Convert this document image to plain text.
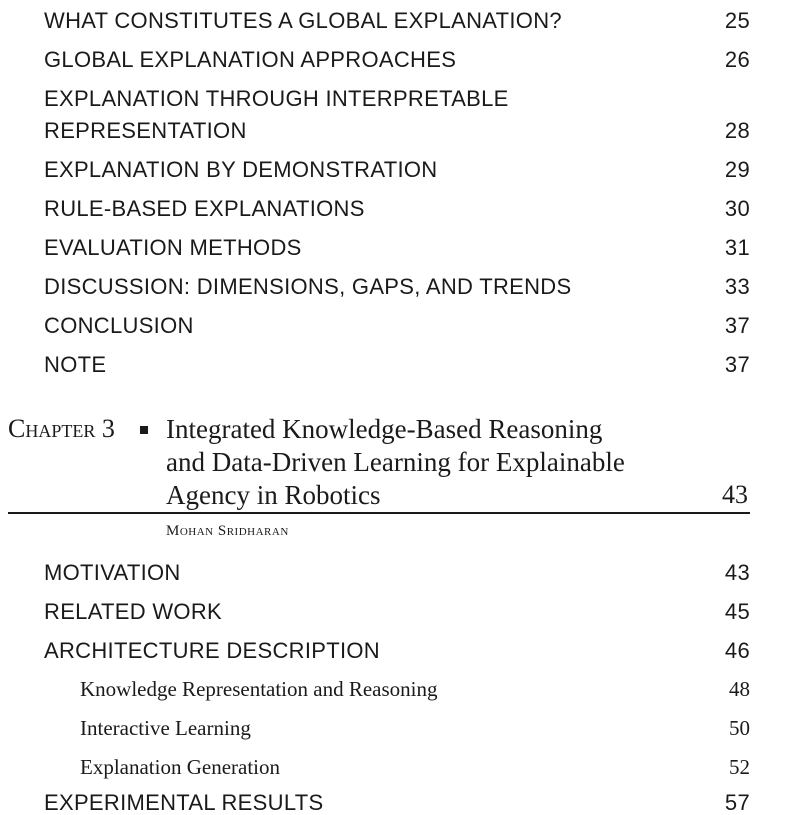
WHAT CONSTITUTES A GLOBAL EXPLANATION?	25
GLOBAL EXPLANATION APPROACHES	26
EXPLANATION THROUGH INTERPRETABLE
REPRESENTATION	28
EXPLANATION BY DEMONSTRATION	29
RULE-BASED EXPLANATIONS	30
EVALUATION METHODS	31
DISCUSSION: DIMENSIONS, GAPS, AND TRENDS	33
CONCLUSION	37
NOTE	37
Chapter 3 Integrated Knowledge-Based Reasoning
and Data-Driven Learning for Explainable
Agency in Robotics	43
Mohan Sridharan
MOTIVATION	43
RELATED WORK	45
ARCHITECTURE DESCRIPTION	46
Knowledge Representation and Reasoning	48
Interactive Learning	50
Explanation Generation	52
EXPERIMENTAL RESULTS	57
